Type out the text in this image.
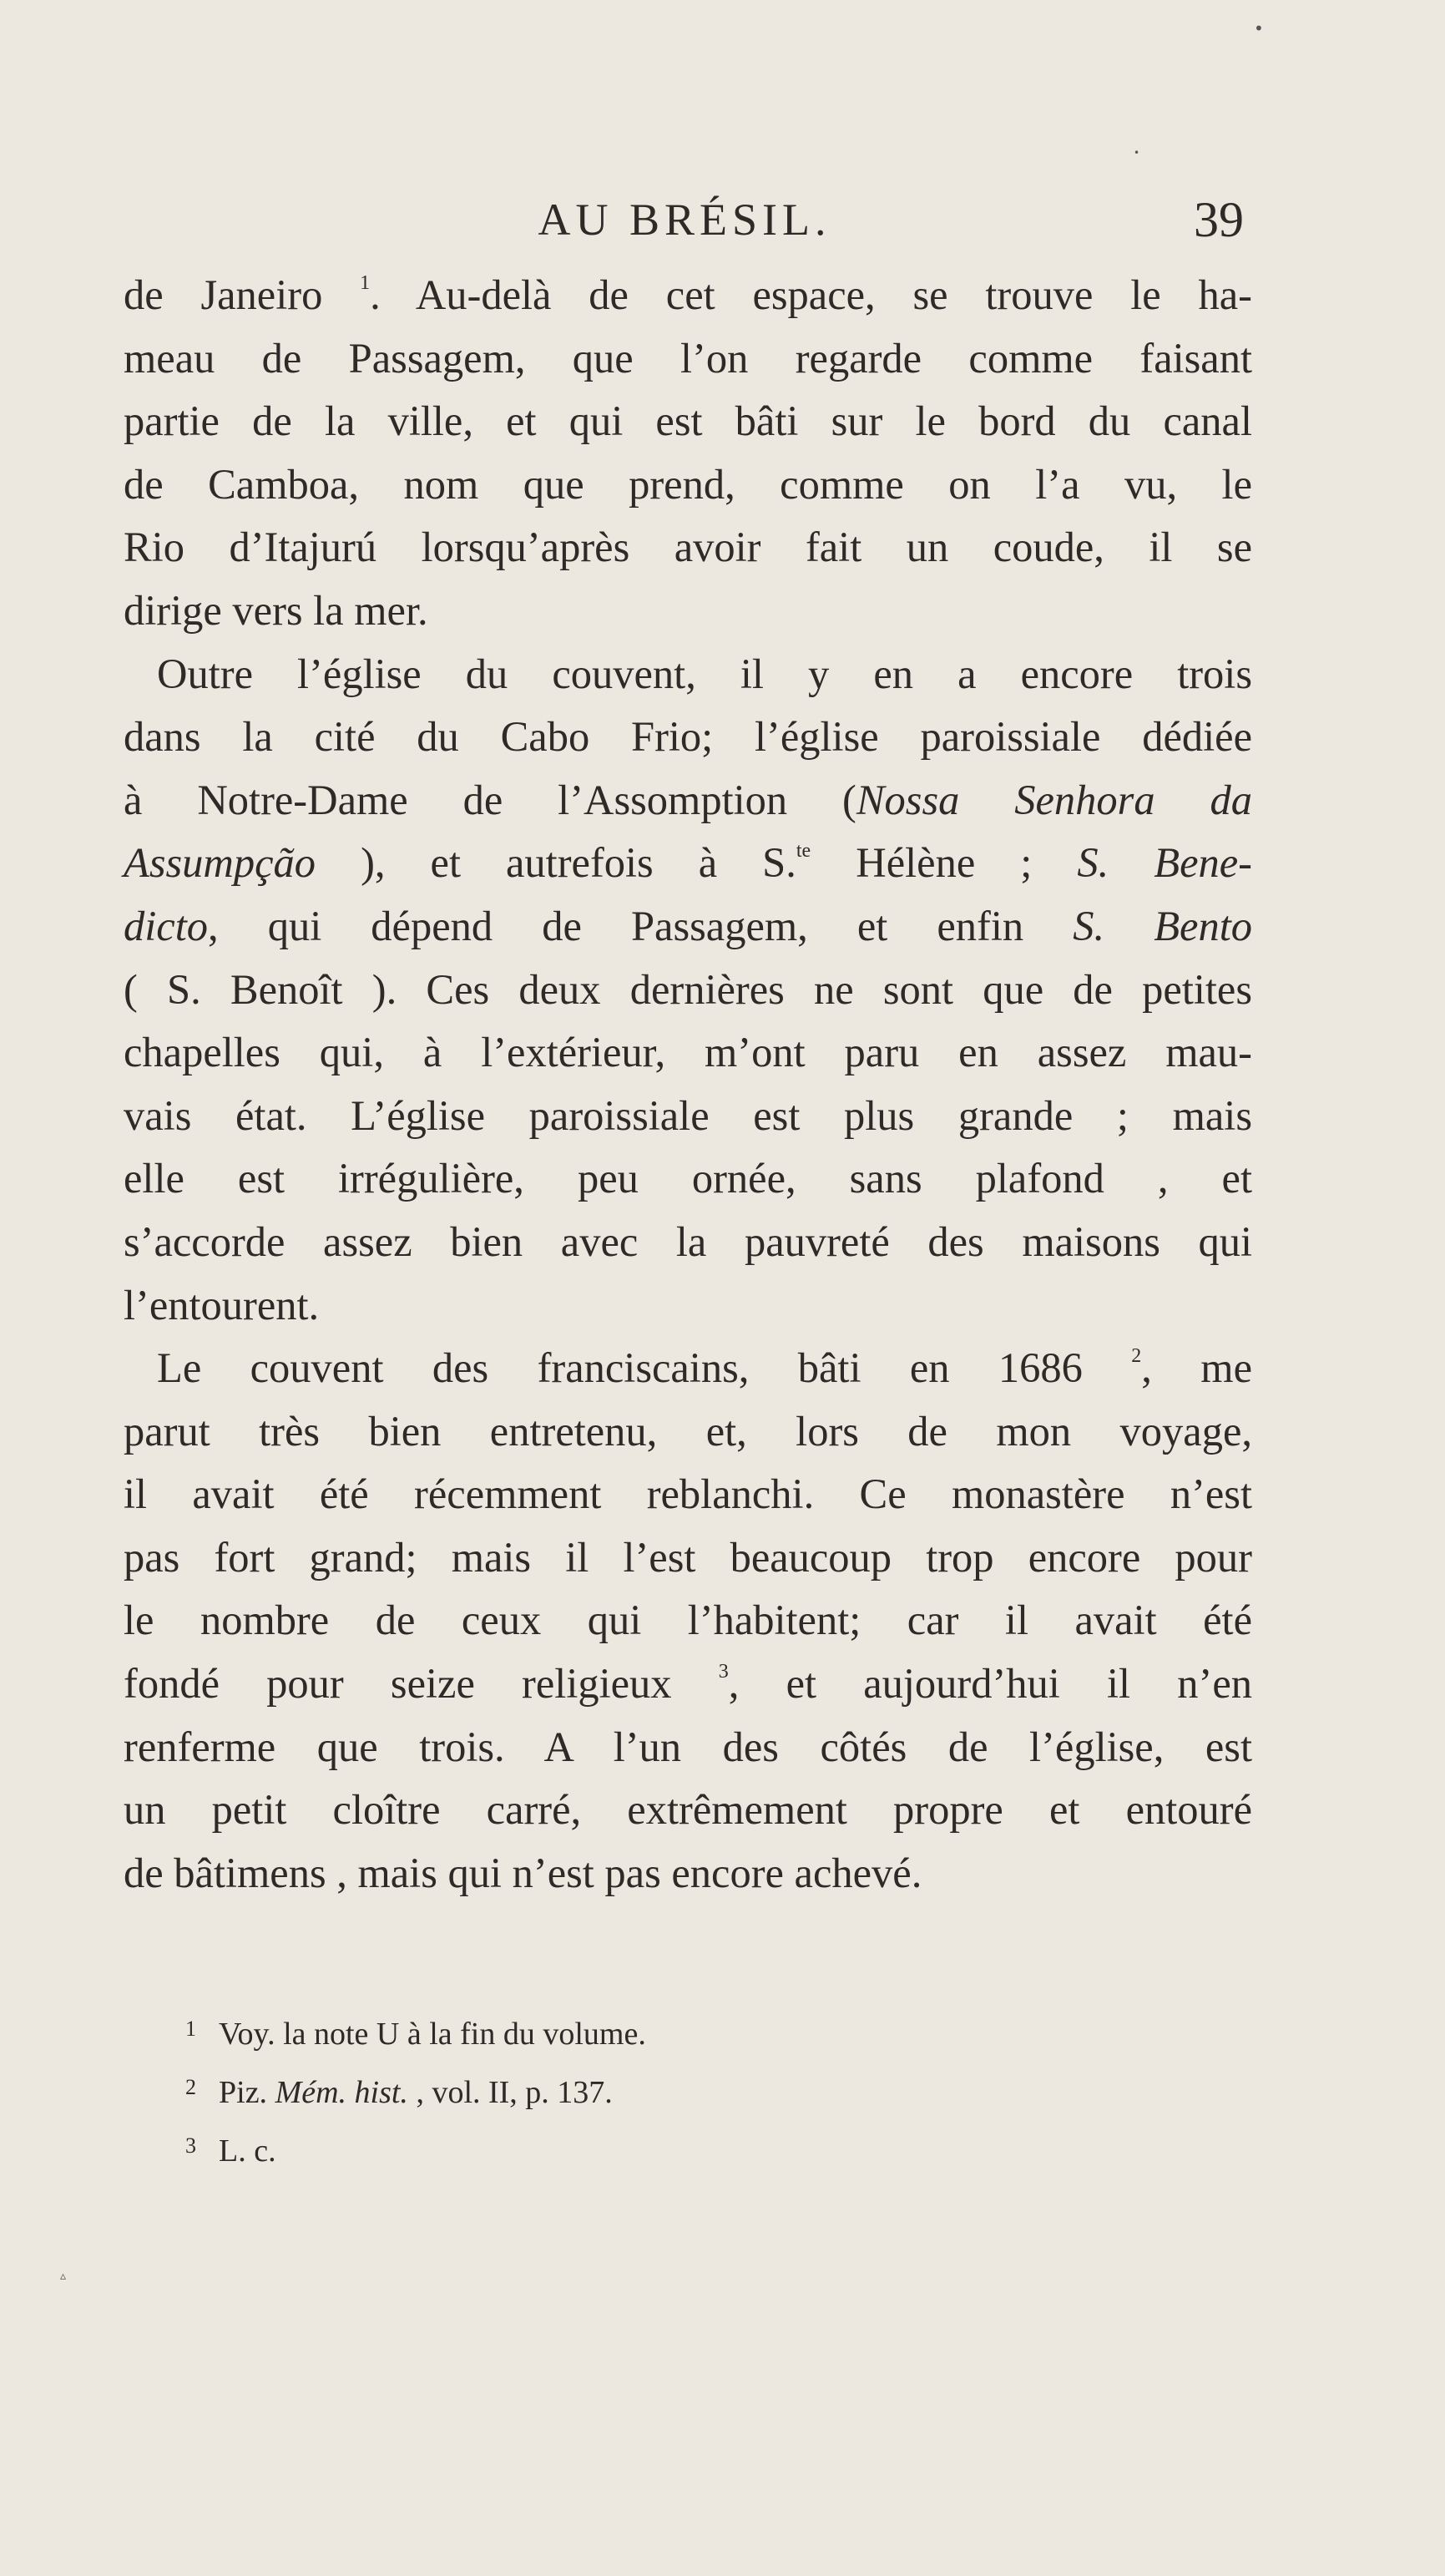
•
•
▵
AU BRÉSIL.	39
de Janeiro $^1$. Au-delà de cet espace, se trouve le ha-
meau de Passagem, que l’on regarde comme faisant
partie de la ville, et qui est bâti sur le bord du canal
de Camboa, nom que prend, comme on l’a vu, le
Rio d’Itajurú lorsqu’après avoir fait un coude, il se
dirige vers la mer.
Outre l’église du couvent, il y en a encore trois
dans la cité du Cabo Frio; l’église paroissiale dédiée
à Notre-Dame de l’Assomption (Nossa Senhora da
Assumpção ), et autrefois à S.$^{te}$ Hélène ; S. Bene-
dicto, qui dépend de Passagem, et enfin S. Bento
( S. Benoît ). Ces deux dernières ne sont que de petites
chapelles qui, à l’extérieur, m’ont paru en assez mau-
vais état. L’église paroissiale est plus grande ; mais
elle est irrégulière, peu ornée, sans plafond , et
s’accorde assez bien avec la pauvreté des maisons qui
l’entourent.
Le couvent des franciscains, bâti en 1686 $^2$, me
parut très bien entretenu, et, lors de mon voyage,
il avait été récemment reblanchi. Ce monastère n’est
pas fort grand; mais il l’est beaucoup trop encore pour
le nombre de ceux qui l’habitent; car il avait été
fondé pour seize religieux $^3$, et aujourd’hui il n’en
renferme que trois. A l’un des côtés de l’église, est
un petit cloître carré, extrêmement propre et entouré
de bâtimens , mais qui n’est pas encore achevé.
1 Voy. la note U à la fin du volume.
2 Piz. Mém. hist. , vol. II, p. 137.
3 L. c.
